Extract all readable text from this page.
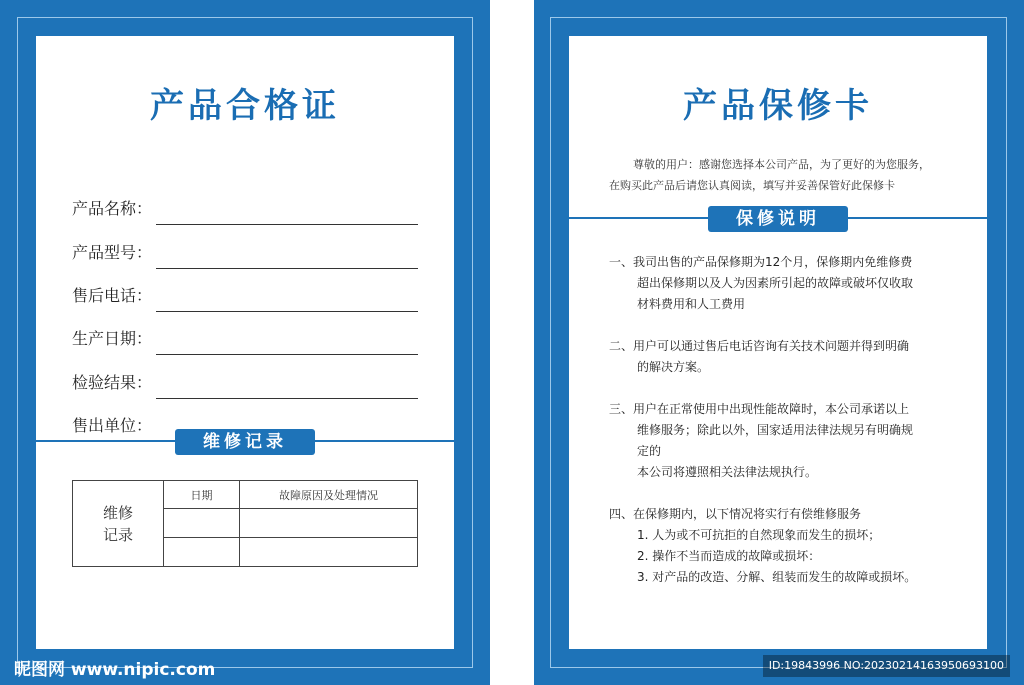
产品合格证
产品名称：
产品型号：
售后电话：
生产日期：
检验结果：
售出单位：
维修记录
维修记录	日期	故障原因及处理情况

昵图网 www.nipic.com
产品保修卡
尊敬的用户：感谢您选择本公司产品，为了更好的为您服务，
在购买此产品后请您认真阅读，填写并妥善保管好此保修卡
保修说明
一、我司出售的产品保修期为12个月，保修期内免维修费
超出保修期以及人为因素所引起的故障或破坏仅收取
材料费用和人工费用
二、用户可以通过售后电话咨询有关技术问题并得到明确
的解决方案。
三、用户在正常使用中出现性能故障时，本公司承诺以上
维修服务；除此以外，国家适用法律法规另有明确规
定的
本公司将遵照相关法律法规执行。
四、在保修期内，以下情况将实行有偿维修服务
1. 人为或不可抗拒的自然现象而发生的损坏；
2. 操作不当而造成的故障或损坏：
3. 对产品的改造、分解、组装而发生的故障或损坏。
ID:19843996 NO:20230214163950693100
